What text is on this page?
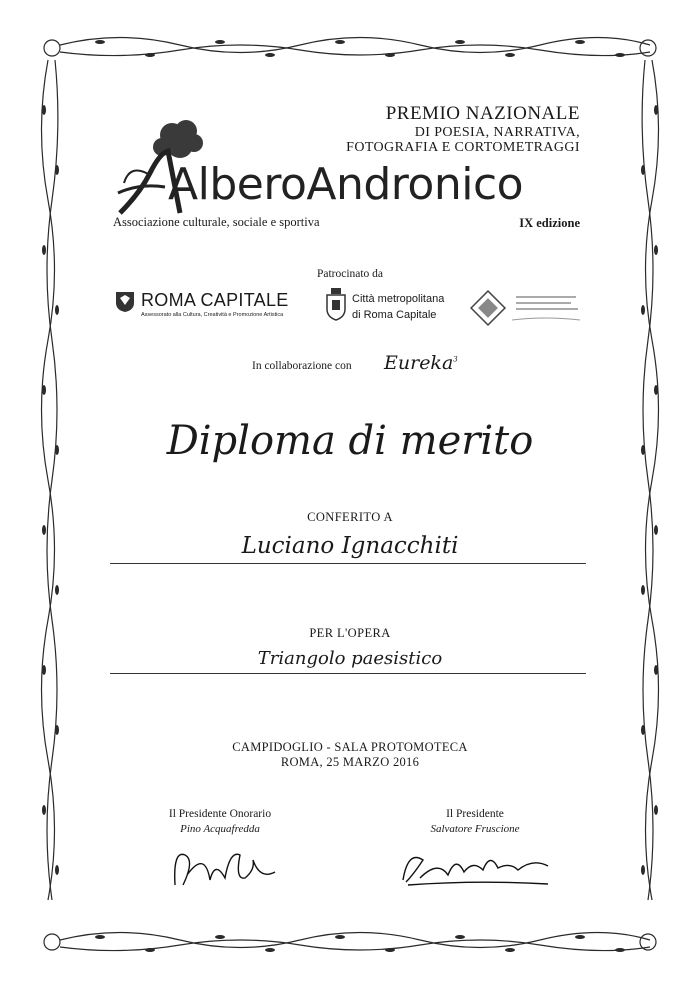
PREMIO NAZIONALE
DI POESIA, NARRATIVA,
FOTOGRAFIA E CORTOMETRAGGI
AlberoAndronico
Associazione culturale, sociale e sportiva	IX edizione
Patrocinato da
ROMA CAPITALE
Assessorato alla Cultura, Creatività e Promozione Artistica
Città metropolitana
di Roma Capitale
In collaborazione con Eureka$^3$
Diploma di merito
CONFERITO A
Luciano Ignacchiti
PER L'OPERA
Triangolo paesistico
CAMPIDOGLIO - SALA PROTOMOTECA
ROMA, 25 MARZO 2016
Il Presidente Onorario
Pino Acquafredda
Il Presidente
Salvatore Fruscione
